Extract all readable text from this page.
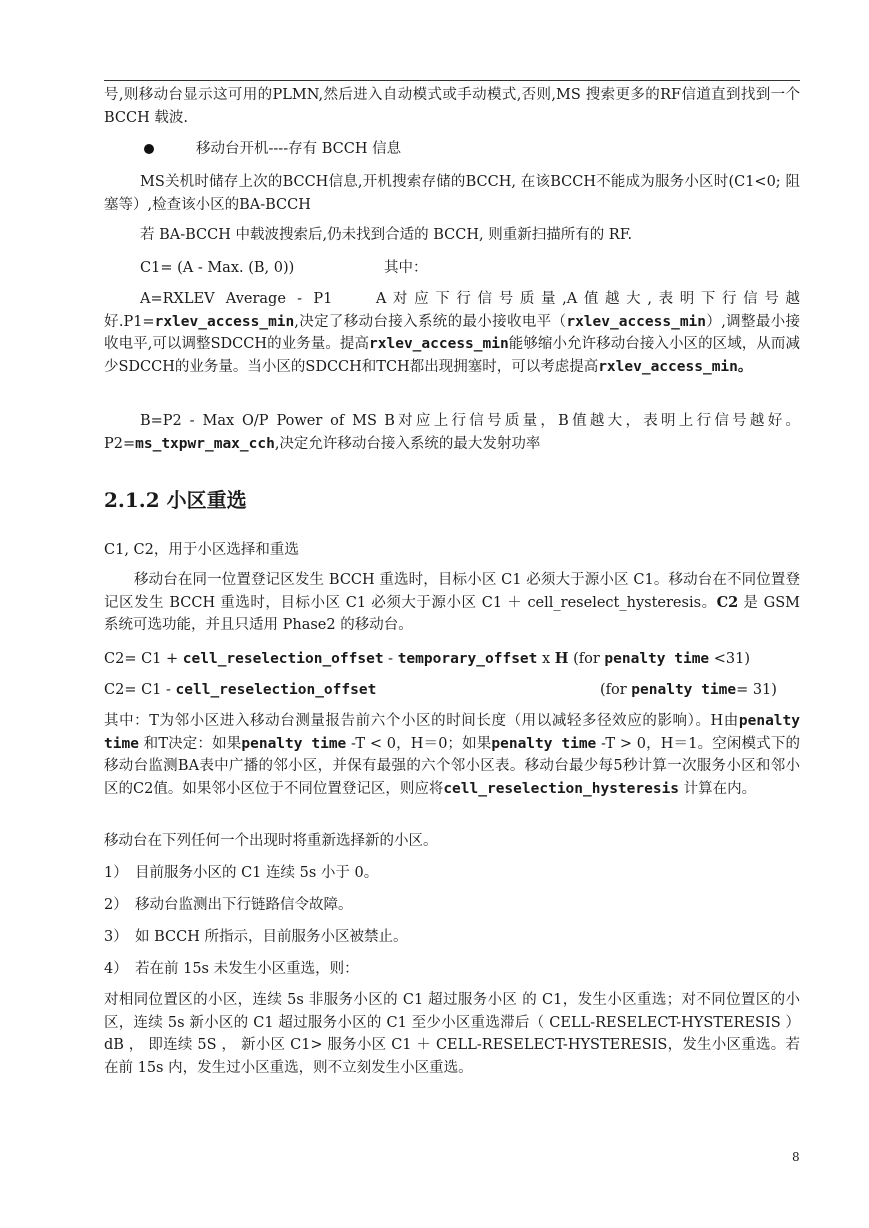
号,则移动台显示这可用的PLMN,然后进入自动模式或手动模式,否则,MS 搜索更多的RF信道直到找到一个 BCCH 载波.

移动台开机----存有 BCCH 信息

MS关机时储存上次的BCCH信息,开机搜索存储的BCCH, 在该BCCH不能成为服务小区时(C1<0; 阻塞等）,检查该小区的BA-BCCH

若 BA-BCCH 中载波搜索后,仍未找到合适的 BCCH, 则重新扫描所有的 RF.

C1= (A - Max. (B, 0))	其中：

A=RXLEV Average - P1   	A对应下行信号质量,A值越大,表明下行信号越好.P1=rxlev_access_min,决定了移动台接入系统的最小接收电平（rxlev_access_min）,调整最小接收电平,可以调整SDCCH的业务量。提高rxlev_access_min能够缩小允许移动台接入小区的区域，从而减少SDCCH的业务量。当小区的SDCCH和TCH都出现拥塞时，可以考虑提高rxlev_access_min。

B=P2 - Max O/P Power of MS  B对应上行信号质量，B值越大，表明上行信号越好。P2=ms_txpwr_max_cch,决定允许移动台接入系统的最大发射功率

2.1.2 小区重选

C1, C2，用于小区选择和重选

移动台在同一位置登记区发生 BCCH 重选时，目标小区 C1 必须大于源小区 C1。移动台在不同位置登记区发生 BCCH 重选时，目标小区 C1 必须大于源小区 C1 ＋ cell_reselect_hysteresis。C2 是 GSM 系统可选功能，并且只适用 Phase2 的移动台。

C2= C1 + cell_reselection_offset - temporary_offset x H (for penalty time <31)

C2= C1 - cell_reselection_offset	(for penalty time= 31)

其中：T为邻小区进入移动台测量报告前六个小区的时间长度（用以减轻多径效应的影响）。H由penalty time 和T决定：如果penalty time -T < 0，H＝0；如果penalty time -T > 0，H＝1。空闲模式下的移动台监测BA表中广播的邻小区，并保有最强的六个邻小区表。移动台最少每5秒计算一次服务小区和邻小区的C2值。如果邻小区位于不同位置登记区，则应将cell_reselection_hysteresis 计算在内。

移动台在下列任何一个出现时将重新选择新的小区。

1）  目前服务小区的 C1 连续 5s 小于 0。

2）  移动台监测出下行链路信令故障。

3）  如 BCCH 所指示，目前服务小区被禁止。

4）  若在前 15s 未发生小区重选，则：

对相同位置区的小区，连续 5s 非服务小区的 C1 超过服务小区 的 C1，发生小区重选；对不同位置区的小区，连续 5s 新小区的 C1 超过服务小区的 C1 至少小区重选滞后（ CELL-RESELECT-HYSTERESIS ） dB ， 即连续 5S ， 新小区 C1> 服务小区 C1 ＋ CELL-RESELECT-HYSTERESIS，发生小区重选。若在前 15s 内，发生过小区重选，则不立刻发生小区重选。

8
